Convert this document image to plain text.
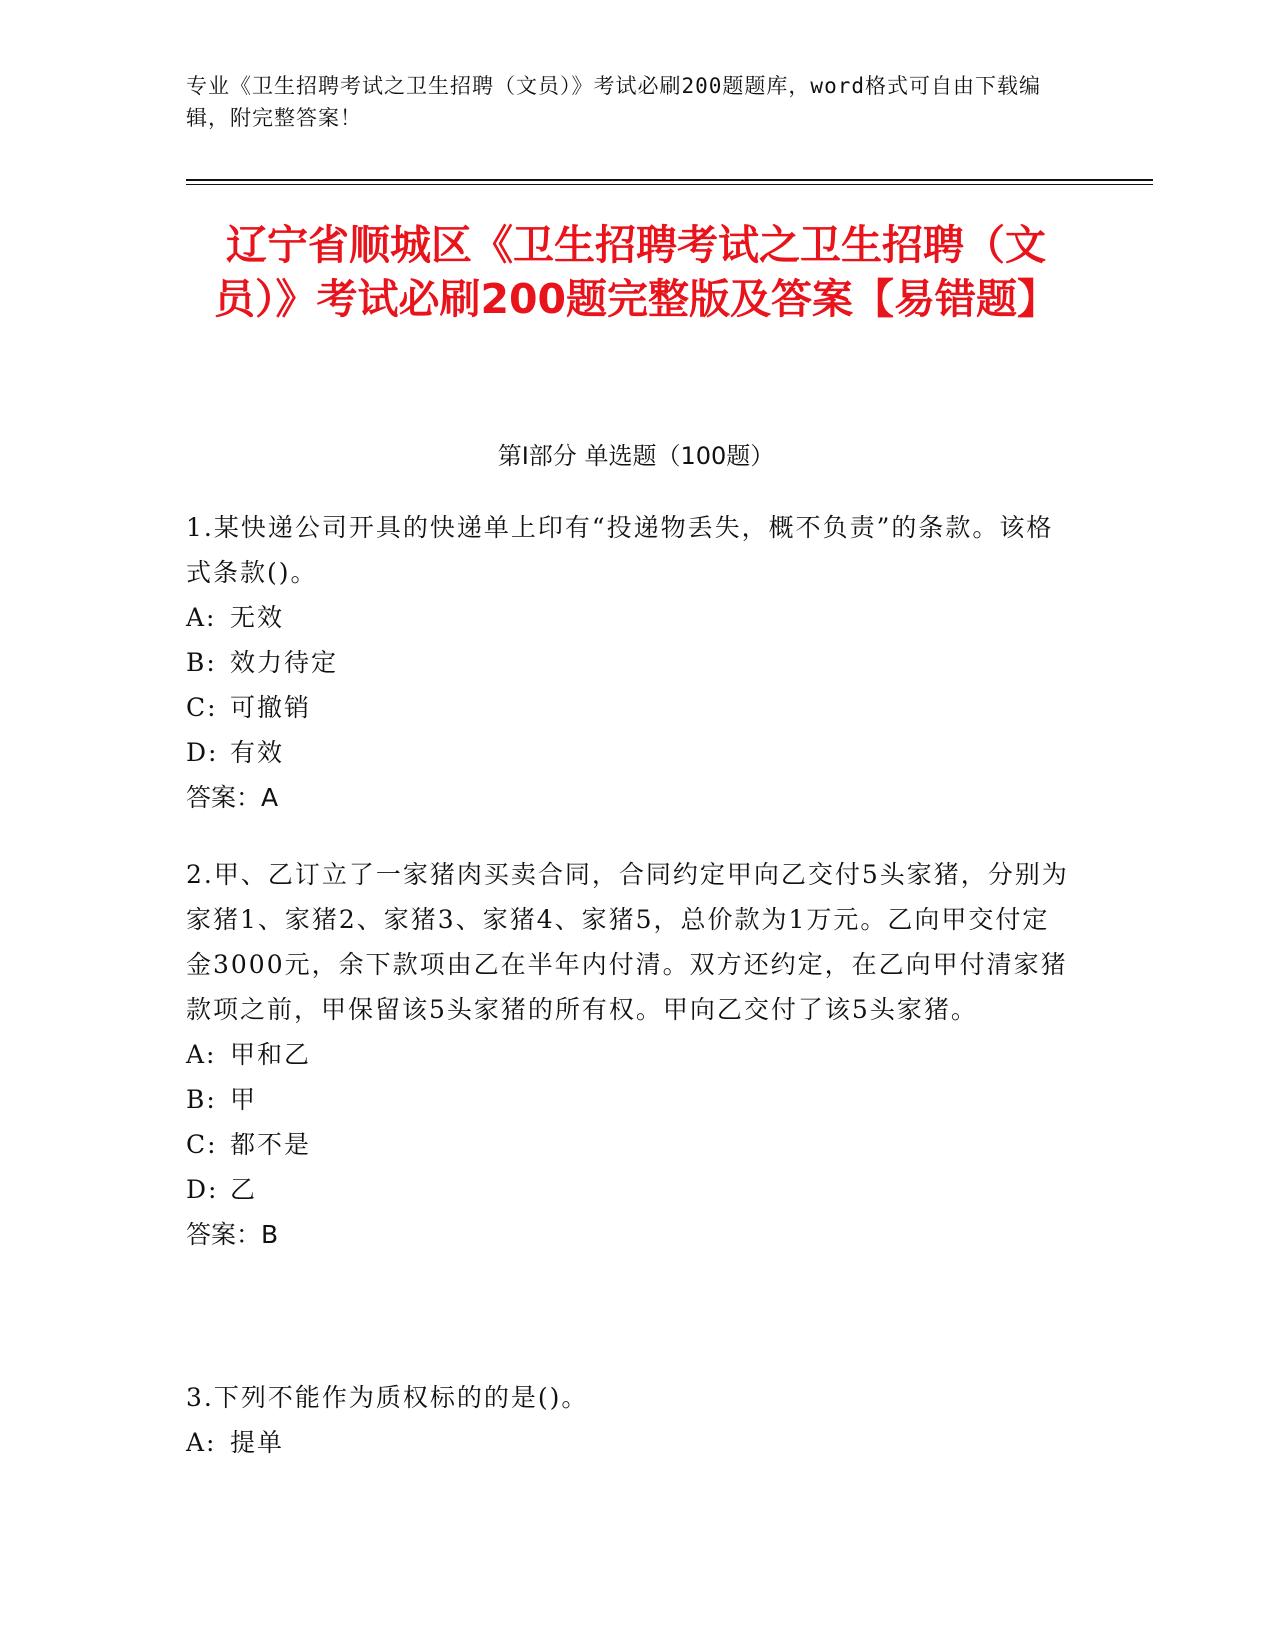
专业《卫生招聘考试之卫生招聘（文员）》考试必刷200题题库，word格式可自由下载编辑，附完整答案！
辽宁省顺城区《卫生招聘考试之卫生招聘（文员）》考试必刷200题完整版及答案【易错题】
第Ⅰ部分 单选题（100题）
1.某快递公司开具的快递单上印有“投递物丢失，概不负责”的条款。该格式条款()。
A: 无效
B: 效力待定
C: 可撤销
D: 有效
答案：A
2.甲、乙订立了一家猪肉买卖合同，合同约定甲向乙交付5头家猪，分别为家猪1、家猪2、家猪3、家猪4、家猪5，总价款为1万元。乙向甲交付定金3000元，余下款项由乙在半年内付清。双方还约定，在乙向甲付清家猪款项之前，甲保留该5头家猪的所有权。甲向乙交付了该5头家猪。
A: 甲和乙
B: 甲
C: 都不是
D: 乙
答案：B
3.下列不能作为质权标的的是()。
A: 提单
